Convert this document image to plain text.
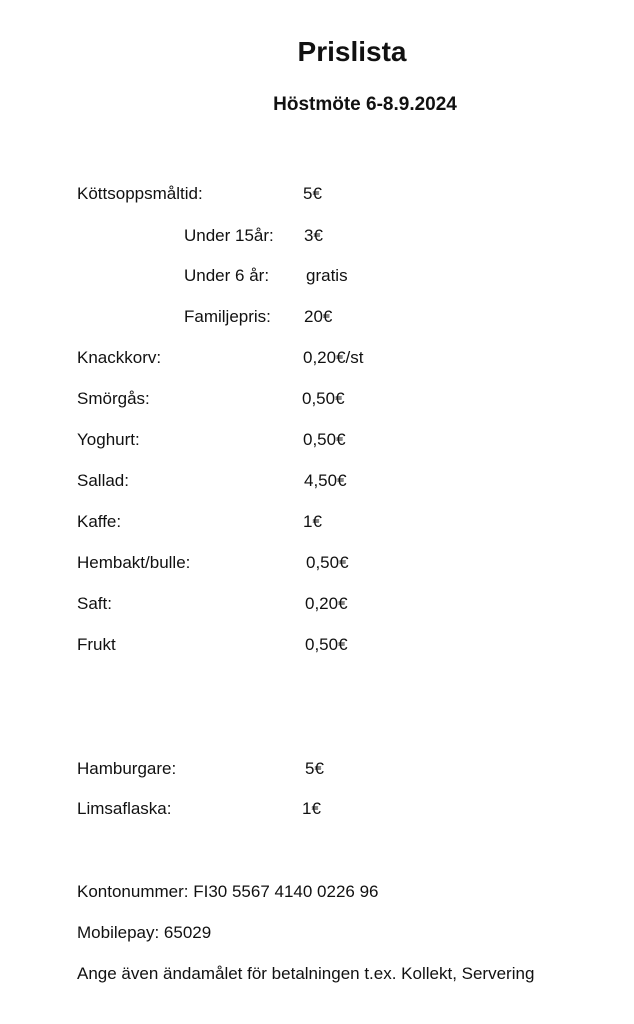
Prislista
Höstmöte 6-8.9.2024
Köttsoppsmåltid:	5€
Under 15år: 3€
Under 6 år: gratis
Familjepris: 20€
Knackkorv:	0,20€/st
Smörgås:	0,50€
Yoghurt:	0,50€
Sallad:	4,50€
Kaffe:	1€
Hembakt/bulle:	0,50€
Saft:	0,20€
Frukt	0,50€
Hamburgare:	5€
Limsaflaska:	1€
Kontonummer: FI30 5567 4140 0226 96
Mobilepay: 65029
Ange även ändamålet för betalningen t.ex. Kollekt, Servering
